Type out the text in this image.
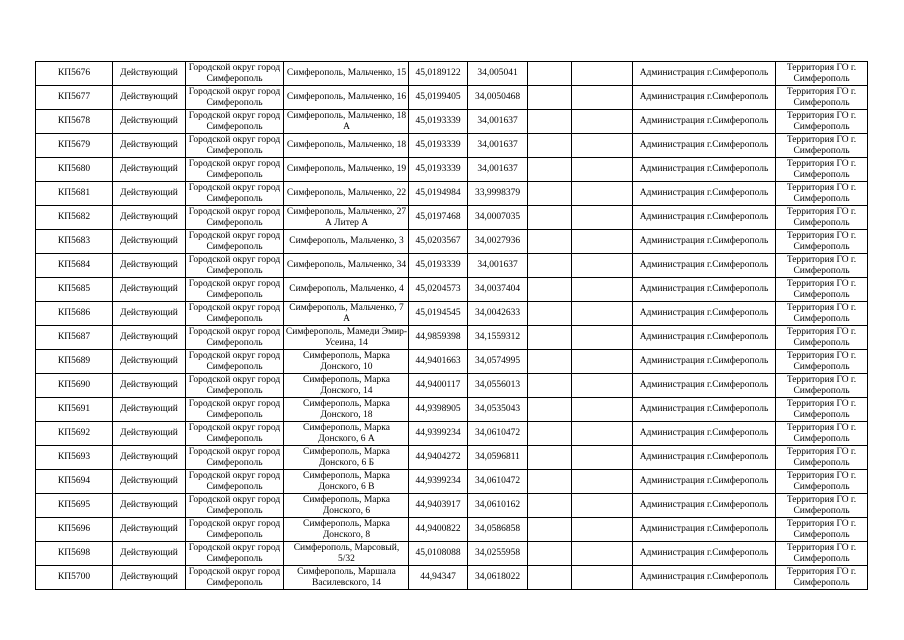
КП5676	Действующий	Городской округ город Симферополь	Симферополь, Мальченко, 15	45,0189122	34,005041			Администрация г.Симферополь	Территория ГО г. Симферополь
КП5677	Действующий	Городской округ город Симферополь	Симферополь, Мальченко, 16	45,0199405	34,0050468			Администрация г.Симферополь	Территория ГО г. Симферополь
КП5678	Действующий	Городской округ город Симферополь	Симферополь, Мальченко, 18 А	45,0193339	34,001637			Администрация г.Симферополь	Территория ГО г. Симферополь
КП5679	Действующий	Городской округ город Симферополь	Симферополь, Мальченко, 18	45,0193339	34,001637			Администрация г.Симферополь	Территория ГО г. Симферополь
КП5680	Действующий	Городской округ город Симферополь	Симферополь, Мальченко, 19	45,0193339	34,001637			Администрация г.Симферополь	Территория ГО г. Симферополь
КП5681	Действующий	Городской округ город Симферополь	Симферополь, Мальченко, 22	45,0194984	33,9998379			Администрация г.Симферополь	Территория ГО г. Симферополь
КП5682	Действующий	Городской округ город Симферополь	Симферополь, Мальченко, 27 А Литер А	45,0197468	34,0007035			Администрация г.Симферополь	Территория ГО г. Симферополь
КП5683	Действующий	Городской округ город Симферополь	Симферополь, Мальченко, 3	45,0203567	34,0027936			Администрация г.Симферополь	Территория ГО г. Симферополь
КП5684	Действующий	Городской округ город Симферополь	Симферополь, Мальченко, 34	45,0193339	34,001637			Администрация г.Симферополь	Территория ГО г. Симферополь
КП5685	Действующий	Городской округ город Симферополь	Симферополь, Мальченко, 4	45,0204573	34,0037404			Администрация г.Симферополь	Территория ГО г. Симферополь
КП5686	Действующий	Городской округ город Симферополь	Симферополь, Мальченко, 7 А	45,0194545	34,0042633			Администрация г.Симферополь	Территория ГО г. Симферополь
КП5687	Действующий	Городской округ город Симферополь	Симферополь, Мамеди Эмир-Усеина, 14	44,9859398	34,1559312			Администрация г.Симферополь	Территория ГО г. Симферополь
КП5689	Действующий	Городской округ город Симферополь	Симферополь, Марка Донского, 10	44,9401663	34,0574995			Администрация г.Симферополь	Территория ГО г. Симферополь
КП5690	Действующий	Городской округ город Симферополь	Симферополь, Марка Донского, 14	44,9400117	34,0556013			Администрация г.Симферополь	Территория ГО г. Симферополь
КП5691	Действующий	Городской округ город Симферополь	Симферополь, Марка Донского, 18	44,9398905	34,0535043			Администрация г.Симферополь	Территория ГО г. Симферополь
КП5692	Действующий	Городской округ город Симферополь	Симферополь, Марка Донского, 6 А	44,9399234	34,0610472			Администрация г.Симферополь	Территория ГО г. Симферополь
КП5693	Действующий	Городской округ город Симферополь	Симферополь, Марка Донского, 6 Б	44,9404272	34,0596811			Администрация г.Симферополь	Территория ГО г. Симферополь
КП5694	Действующий	Городской округ город Симферополь	Симферополь, Марка Донского, 6 В	44,9399234	34,0610472			Администрация г.Симферополь	Территория ГО г. Симферополь
КП5695	Действующий	Городской округ город Симферополь	Симферополь, Марка Донского, 6	44,9403917	34,0610162			Администрация г.Симферополь	Территория ГО г. Симферополь
КП5696	Действующий	Городской округ город Симферополь	Симферополь, Марка Донского, 8	44,9400822	34,0586858			Администрация г.Симферополь	Территория ГО г. Симферополь
КП5698	Действующий	Городской округ город Симферополь	Симферополь, Марсовый, 5/32	45,0108088	34,0255958			Администрация г.Симферополь	Территория ГО г. Симферополь
КП5700	Действующий	Городской округ город Симферополь	Симферополь, Маршала Василевского, 14	44,94347	34,0618022			Администрация г.Симферополь	Территория ГО г. Симферополь
